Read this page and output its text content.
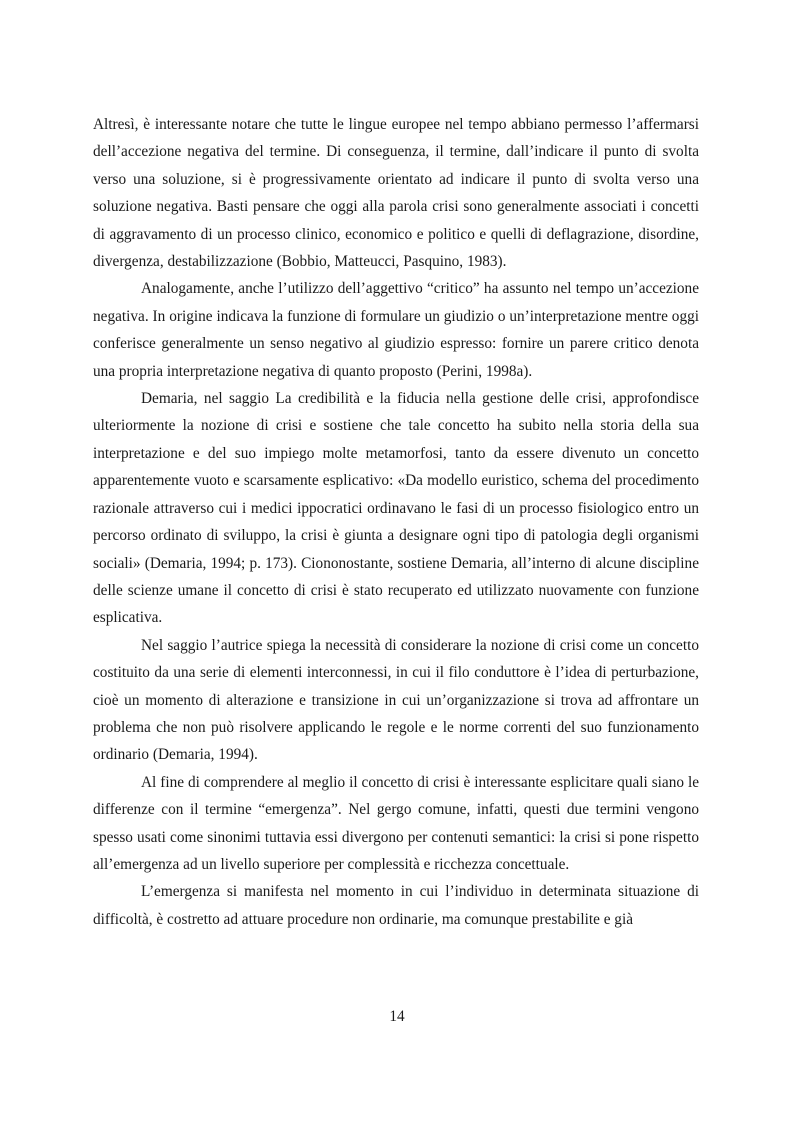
Altresì, è interessante notare che tutte le lingue europee nel tempo abbiano permesso l’affermarsi dell’accezione negativa del termine. Di conseguenza, il termine, dall’indicare il punto di svolta verso una soluzione, si è progressivamente orientato ad indicare il punto di svolta verso una soluzione negativa. Basti pensare che oggi alla parola crisi sono generalmente associati i concetti di aggravamento di un processo clinico, economico e politico e quelli di deflagrazione, disordine, divergenza, destabilizzazione (Bobbio, Matteucci, Pasquino, 1983).

Analogamente, anche l’utilizzo dell’aggettivo “critico” ha assunto nel tempo un’accezione negativa. In origine indicava la funzione di formulare un giudizio o un’interpretazione mentre oggi conferisce generalmente un senso negativo al giudizio espresso: fornire un parere critico denota una propria interpretazione negativa di quanto proposto (Perini, 1998a).

Demaria, nel saggio La credibilità e la fiducia nella gestione delle crisi, approfondisce ulteriormente la nozione di crisi e sostiene che tale concetto ha subito nella storia della sua interpretazione e del suo impiego molte metamorfosi, tanto da essere divenuto un concetto apparentemente vuoto e scarsamente esplicativo: «Da modello euristico, schema del procedimento razionale attraverso cui i medici ippocratici ordinavano le fasi di un processo fisiologico entro un percorso ordinato di sviluppo, la crisi è giunta a designare ogni tipo di patologia degli organismi sociali» (Demaria, 1994; p. 173). Ciononostante, sostiene Demaria, all’interno di alcune discipline delle scienze umane il concetto di crisi è stato recuperato ed utilizzato nuovamente con funzione esplicativa.

Nel saggio l’autrice spiega la necessità di considerare la nozione di crisi come un concetto costituito da una serie di elementi interconnessi, in cui il filo conduttore è l’idea di perturbazione, cioè un momento di alterazione e transizione in cui un’organizzazione si trova ad affrontare un problema che non può risolvere applicando le regole e le norme correnti del suo funzionamento ordinario (Demaria, 1994).

Al fine di comprendere al meglio il concetto di crisi è interessante esplicitare quali siano le differenze con il termine “emergenza”. Nel gergo comune, infatti, questi due termini vengono spesso usati come sinonimi tuttavia essi divergono per contenuti semantici: la crisi si pone rispetto all’emergenza ad un livello superiore per complessità e ricchezza concettuale.

L’emergenza si manifesta nel momento in cui l’individuo in determinata situazione di difficoltà, è costretto ad attuare procedure non ordinarie, ma comunque prestabilite e già

14
